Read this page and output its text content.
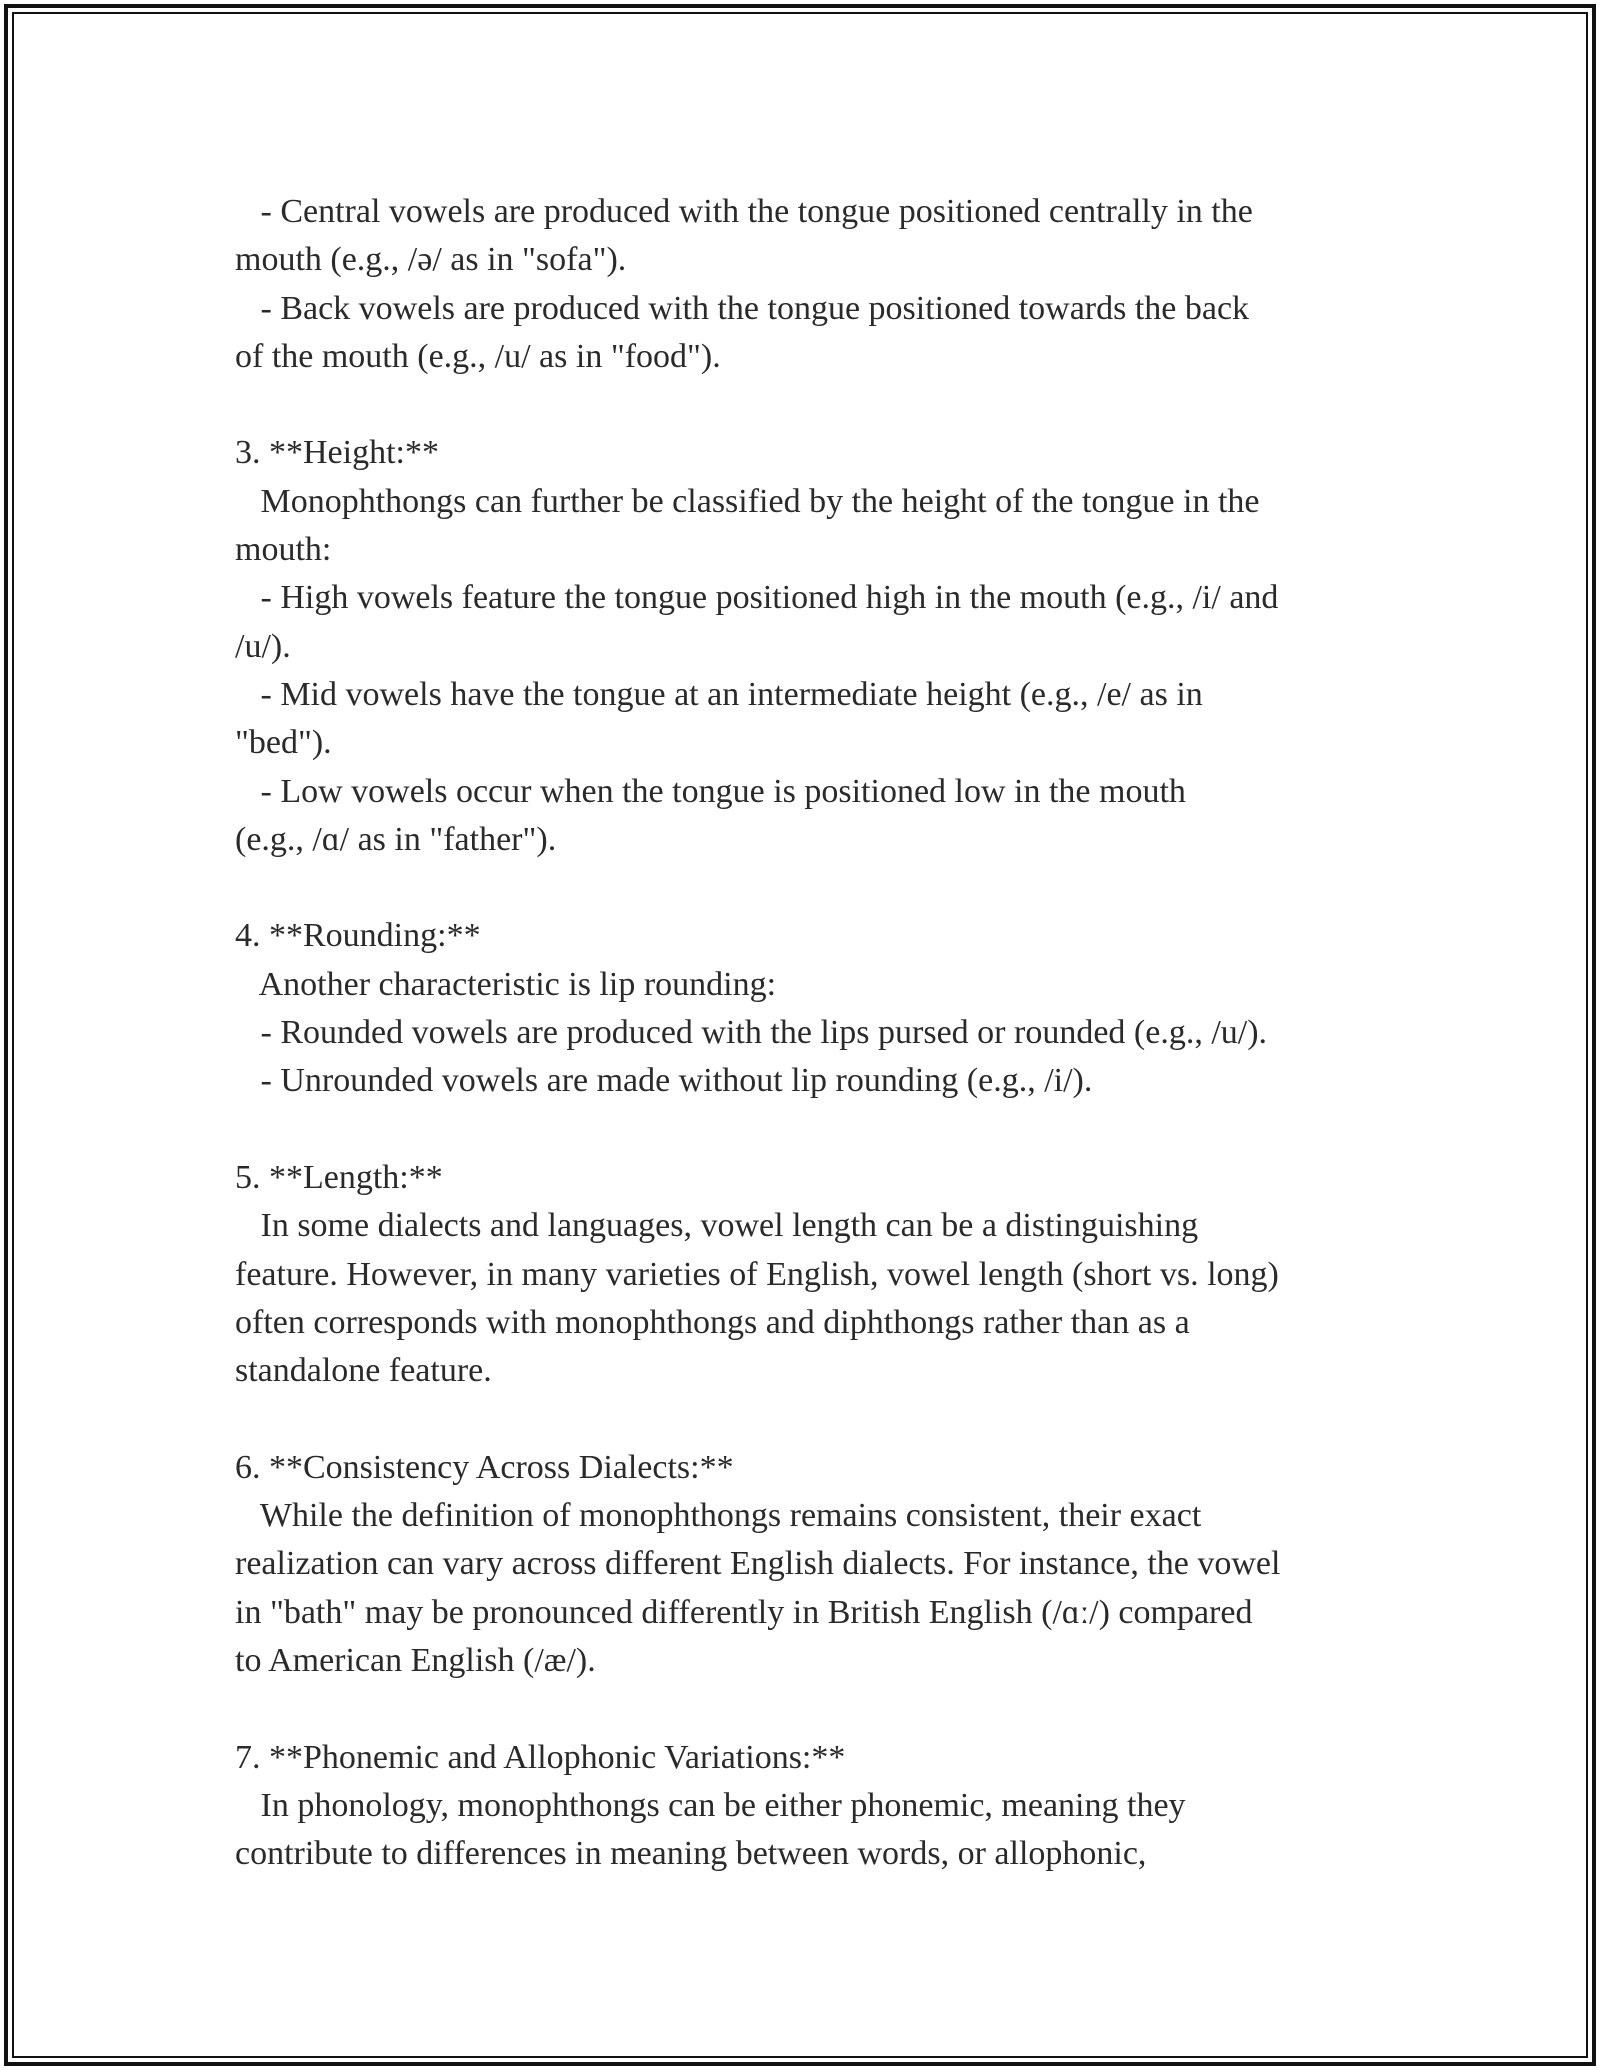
- Central vowels are produced with the tongue positioned centrally in the
mouth (e.g., /ə/ as in "sofa").
- Back vowels are produced with the tongue positioned towards the back
of the mouth (e.g., /u/ as in "food").
3. **Height:**
Monophthongs can further be classified by the height of the tongue in the
mouth:
- High vowels feature the tongue positioned high in the mouth (e.g., /i/ and
/u/).
- Mid vowels have the tongue at an intermediate height (e.g., /e/ as in
"bed").
- Low vowels occur when the tongue is positioned low in the mouth
(e.g., /ɑ/ as in "father").
4. **Rounding:**
Another characteristic is lip rounding:
- Rounded vowels are produced with the lips pursed or rounded (e.g., /u/).
- Unrounded vowels are made without lip rounding (e.g., /i/).
5. **Length:**
In some dialects and languages, vowel length can be a distinguishing
feature. However, in many varieties of English, vowel length (short vs. long)
often corresponds with monophthongs and diphthongs rather than as a
standalone feature.
6. **Consistency Across Dialects:**
While the definition of monophthongs remains consistent, their exact
realization can vary across different English dialects. For instance, the vowel
in "bath" may be pronounced differently in British English (/ɑː/) compared
to American English (/æ/).
7. **Phonemic and Allophonic Variations:**
In phonology, monophthongs can be either phonemic, meaning they
contribute to differences in meaning between words, or allophonic,
